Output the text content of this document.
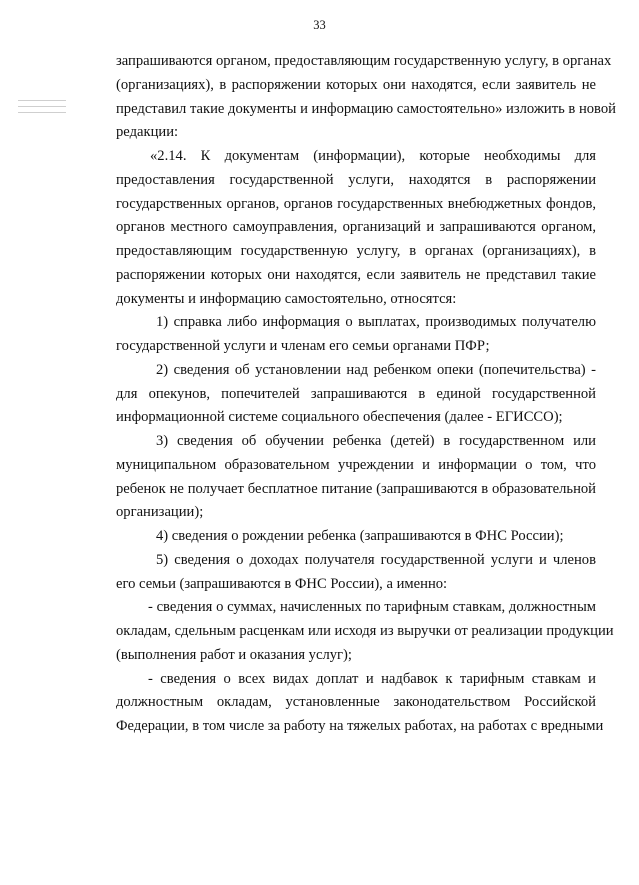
33
запрашиваются органом, предоставляющим государственную услугу, в органах
(организациях), в распоряжении которых они находятся, если заявитель не
представил такие документы и информацию самостоятельно» изложить в новой
редакции:
«2.14. К документам (информации), которые необходимы для
предоставления государственной услуги, находятся в распоряжении
государственных органов, органов государственных внебюджетных фондов,
органов местного самоуправления, организаций и запрашиваются органом,
предоставляющим государственную услугу, в органах (организациях), в
распоряжении которых они находятся, если заявитель не представил такие
документы и информацию самостоятельно, относятся:
1) справка либо информация о выплатах, производимых получателю
государственной услуги и членам его семьи органами ПФР;
2) сведения об установлении над ребенком опеки (попечительства) -
для опекунов, попечителей запрашиваются в единой государственной
информационной системе социального обеспечения (далее - ЕГИССО);
3) сведения об обучении ребенка (детей) в государственном или
муниципальном образовательном учреждении и информации о том, что
ребенок не получает бесплатное питание (запрашиваются в образовательной
организации);
4) сведения о рождении ребенка (запрашиваются в ФНС России);
5) сведения о доходах получателя государственной услуги и членов
его семьи (запрашиваются в ФНС России), а именно:
- сведения о суммах, начисленных по тарифным ставкам, должностным
окладам, сдельным расценкам или исходя из выручки от реализации продукции
(выполнения работ и оказания услуг);
- сведения о всех видах доплат и надбавок к тарифным ставкам и
должностным окладам, установленные законодательством Российской
Федерации, в том числе за работу на тяжелых работах, на работах с вредными
